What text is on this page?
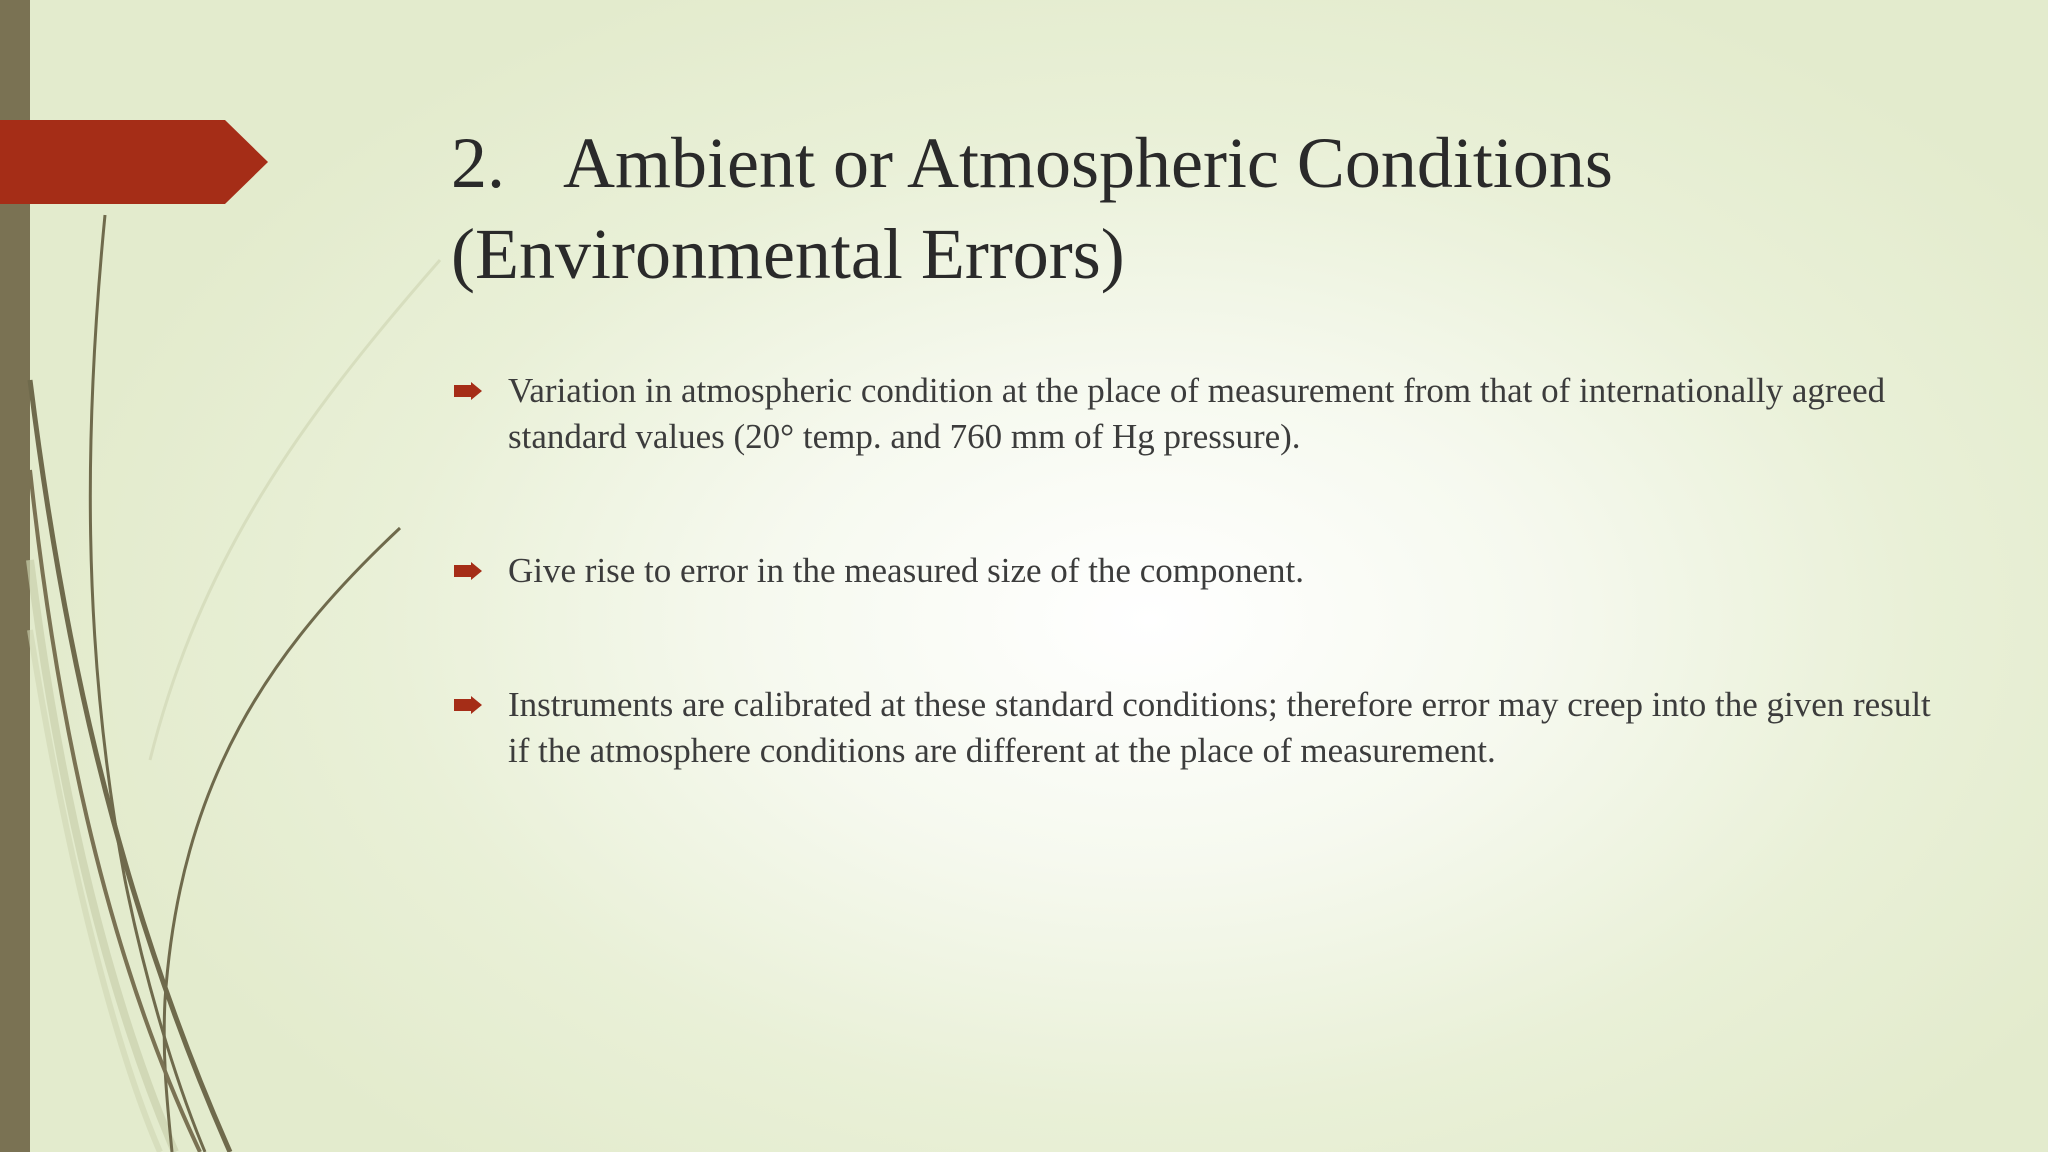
2. Ambient or Atmospheric Conditions (Environmental Errors)
Variation in atmospheric condition at the place of measurement from that of internationally agreed standard values (20° temp. and 760 mm of Hg pressure).
Give rise to error in the measured size of the component.
Instruments are calibrated at these standard conditions; therefore error may creep into the given result if the atmosphere conditions are different at the place of measurement.
